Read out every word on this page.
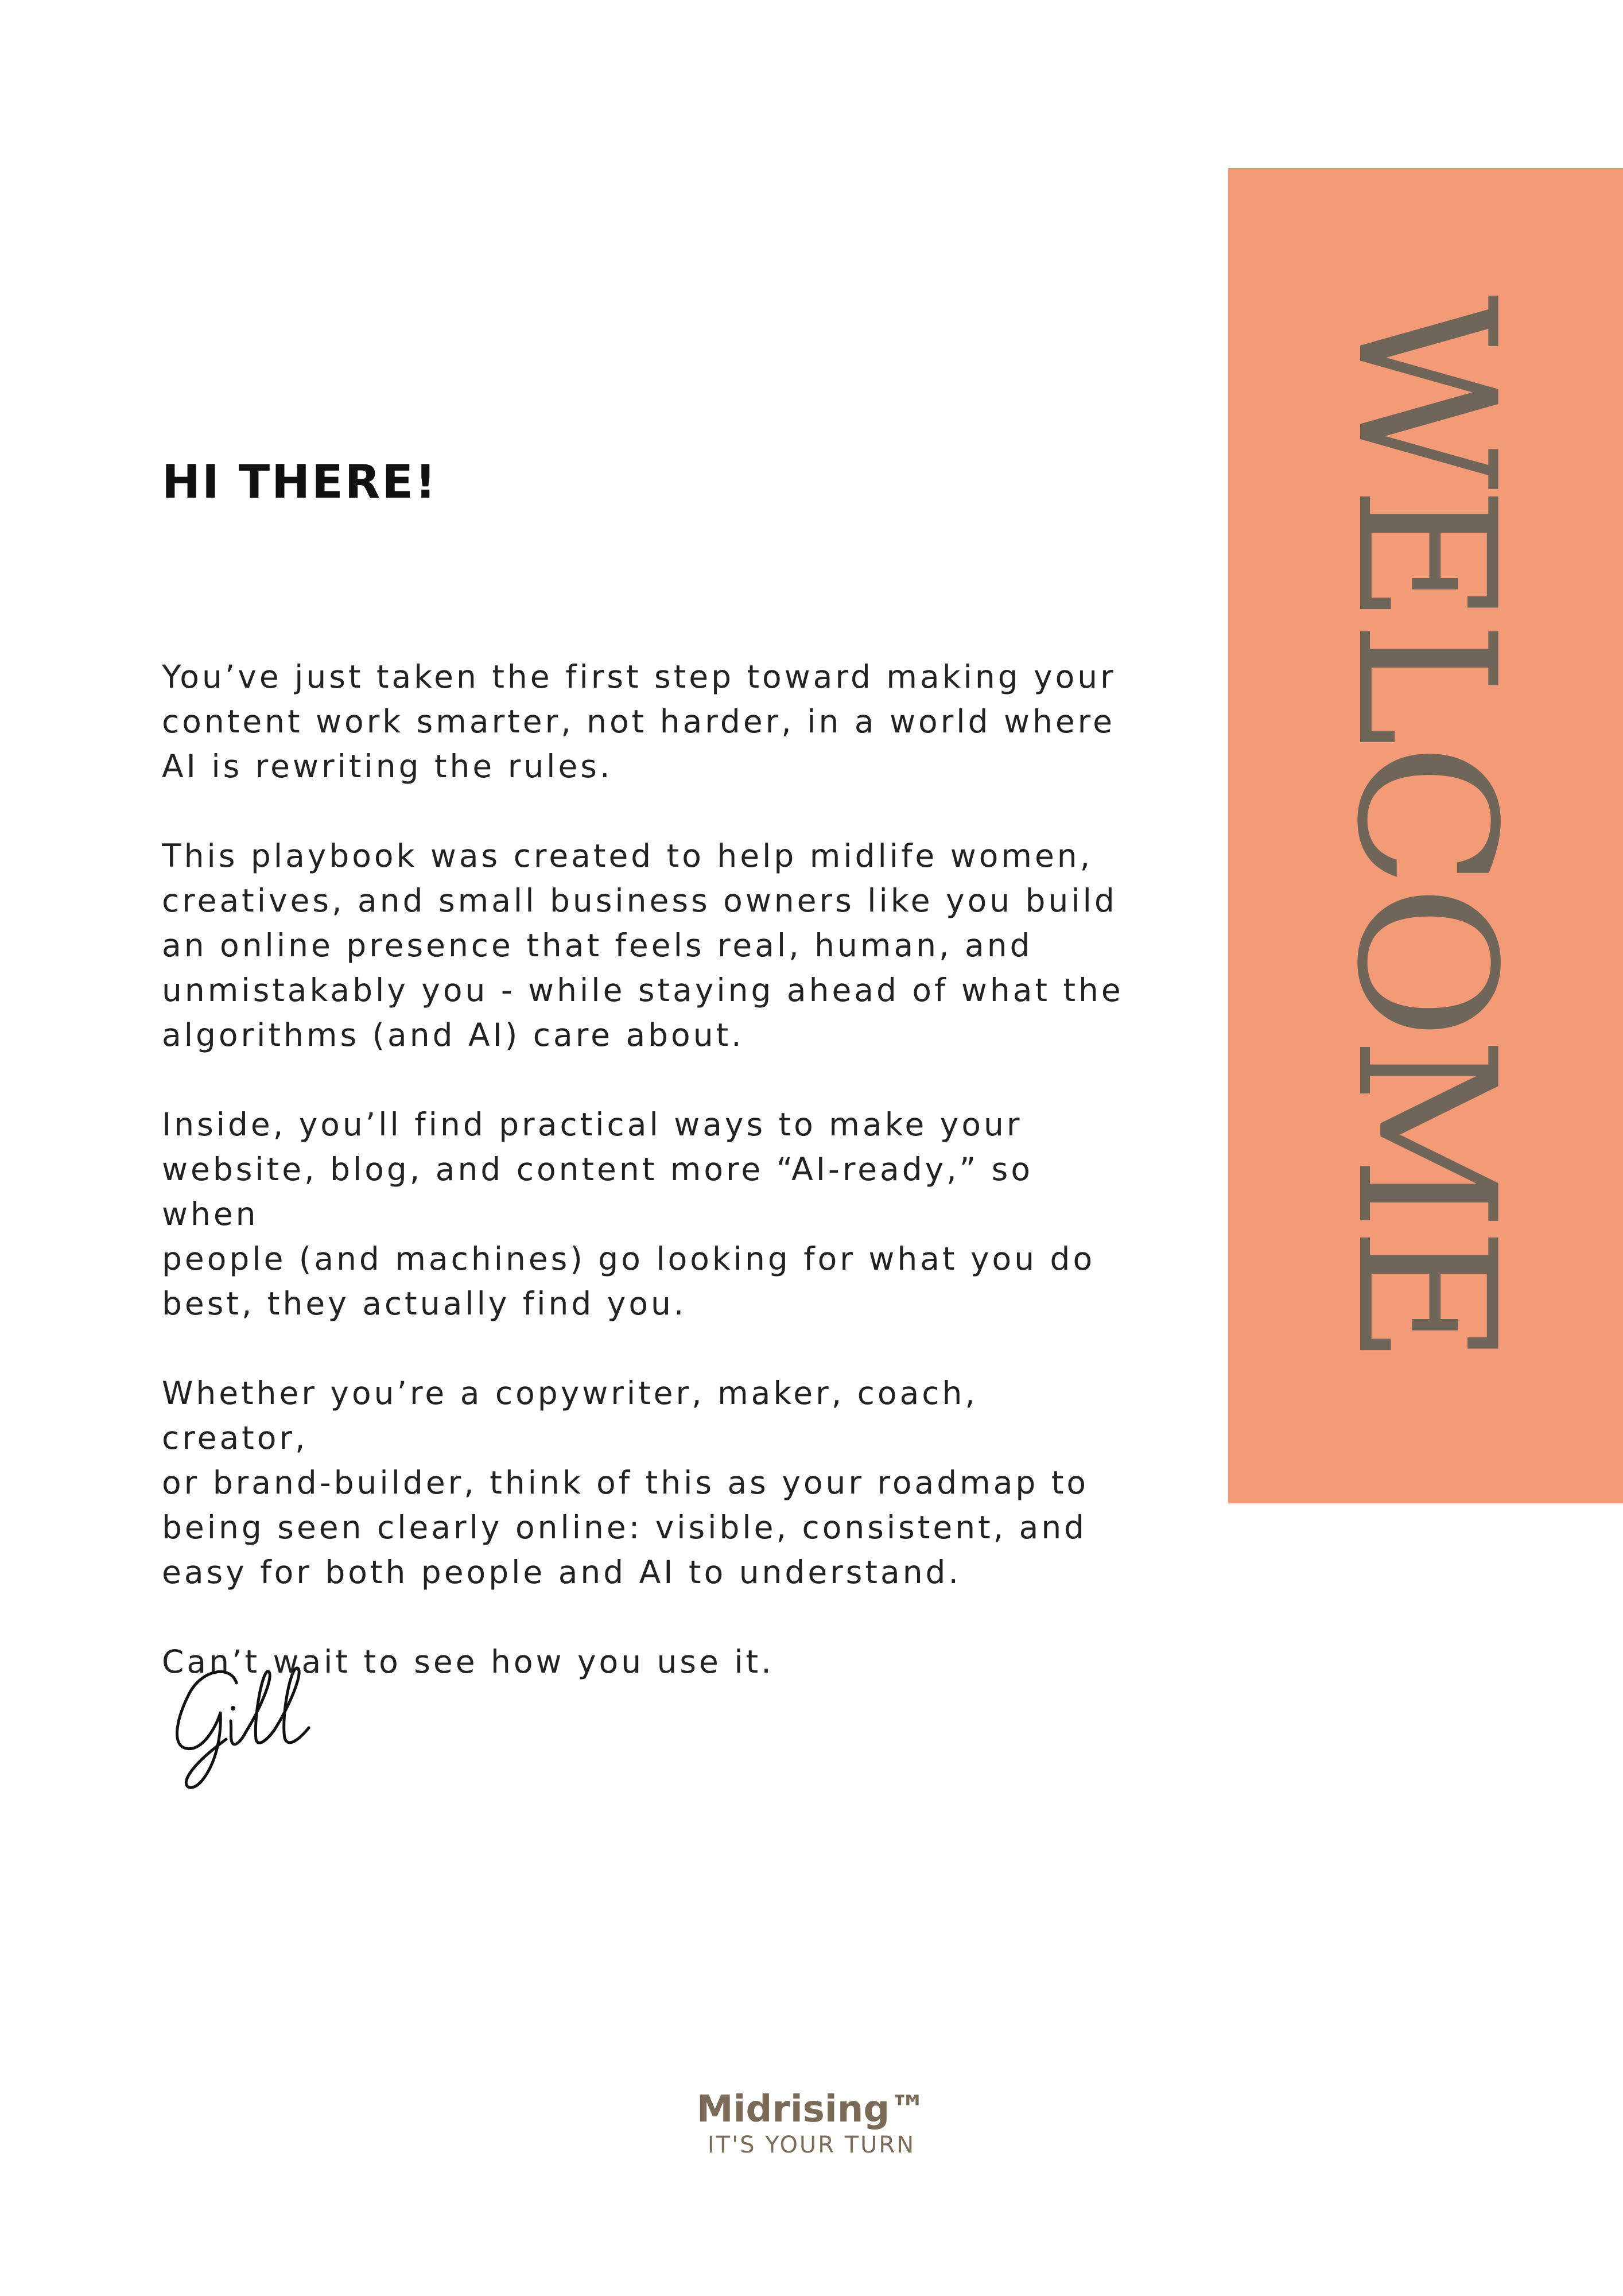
HI THERE!

You’ve just taken the first step toward making your
content work smarter, not harder, in a world where
AI is rewriting the rules.

This playbook was created to help midlife women,
creatives, and small business owners like you build
an online presence that feels real, human, and
unmistakably you - while staying ahead of what the
algorithms (and AI) care about.

Inside, you’ll find practical ways to make your
website, blog, and content more “AI-ready,” so when
people (and machines) go looking for what you do
best, they actually find you.

Whether you’re a copywriter, maker, coach, creator,
or brand-builder, think of this as your roadmap to
being seen clearly online: visible, consistent, and
easy for both people and AI to understand.

Can’t wait to see how you use it.

WELCOME
Midrising™
IT'S YOUR TURN
